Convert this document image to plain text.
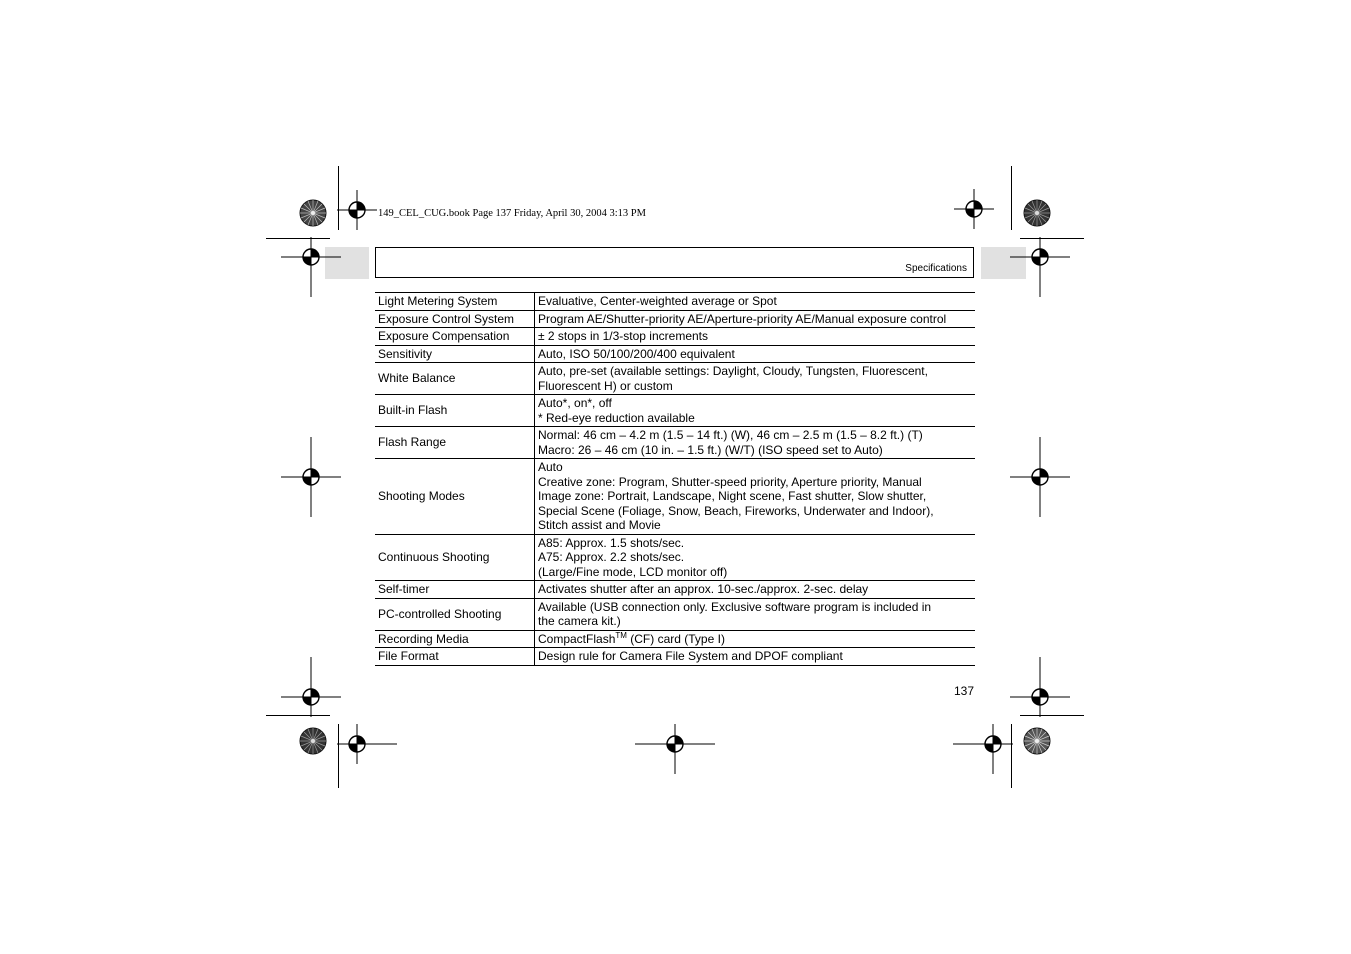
149_CEL_CUG.book Page 137 Friday, April 30, 2004 3:13 PM
Specifications
Light Metering System	Evaluative, Center-weighted average or Spot
Exposure Control System	Program AE/Shutter-priority AE/Aperture-priority AE/Manual exposure control
Exposure Compensation	± 2 stops in 1/3-stop increments
Sensitivity	Auto, ISO 50/100/200/400 equivalent
White Balance	Auto, pre-set (available settings: Daylight, Cloudy, Tungsten, Fluorescent,
Fluorescent H) or custom
Built-in Flash	Auto*, on*, off
* Red-eye reduction available
Flash Range	Normal: 46 cm – 4.2 m (1.5 – 14 ft.) (W), 46 cm – 2.5 m (1.5 – 8.2 ft.) (T)
Macro: 26 – 46 cm (10 in. – 1.5 ft.) (W/T) (ISO speed set to Auto)
Shooting Modes	Auto
Creative zone: Program, Shutter-speed priority, Aperture priority, Manual
Image zone: Portrait, Landscape, Night scene, Fast shutter, Slow shutter,
Special Scene (Foliage, Snow, Beach, Fireworks, Underwater and Indoor),
Stitch assist and Movie
Continuous Shooting	A85: Approx. 1.5 shots/sec.
A75: Approx. 2.2 shots/sec.
(Large/Fine mode, LCD monitor off)
Self-timer	Activates shutter after an approx. 10-sec./approx. 2-sec. delay
PC-controlled Shooting	Available (USB connection only. Exclusive software program is included in
the camera kit.)
Recording Media	CompactFlash™ (CF) card (Type I)
File Format	Design rule for Camera File System and DPOF compliant
137
